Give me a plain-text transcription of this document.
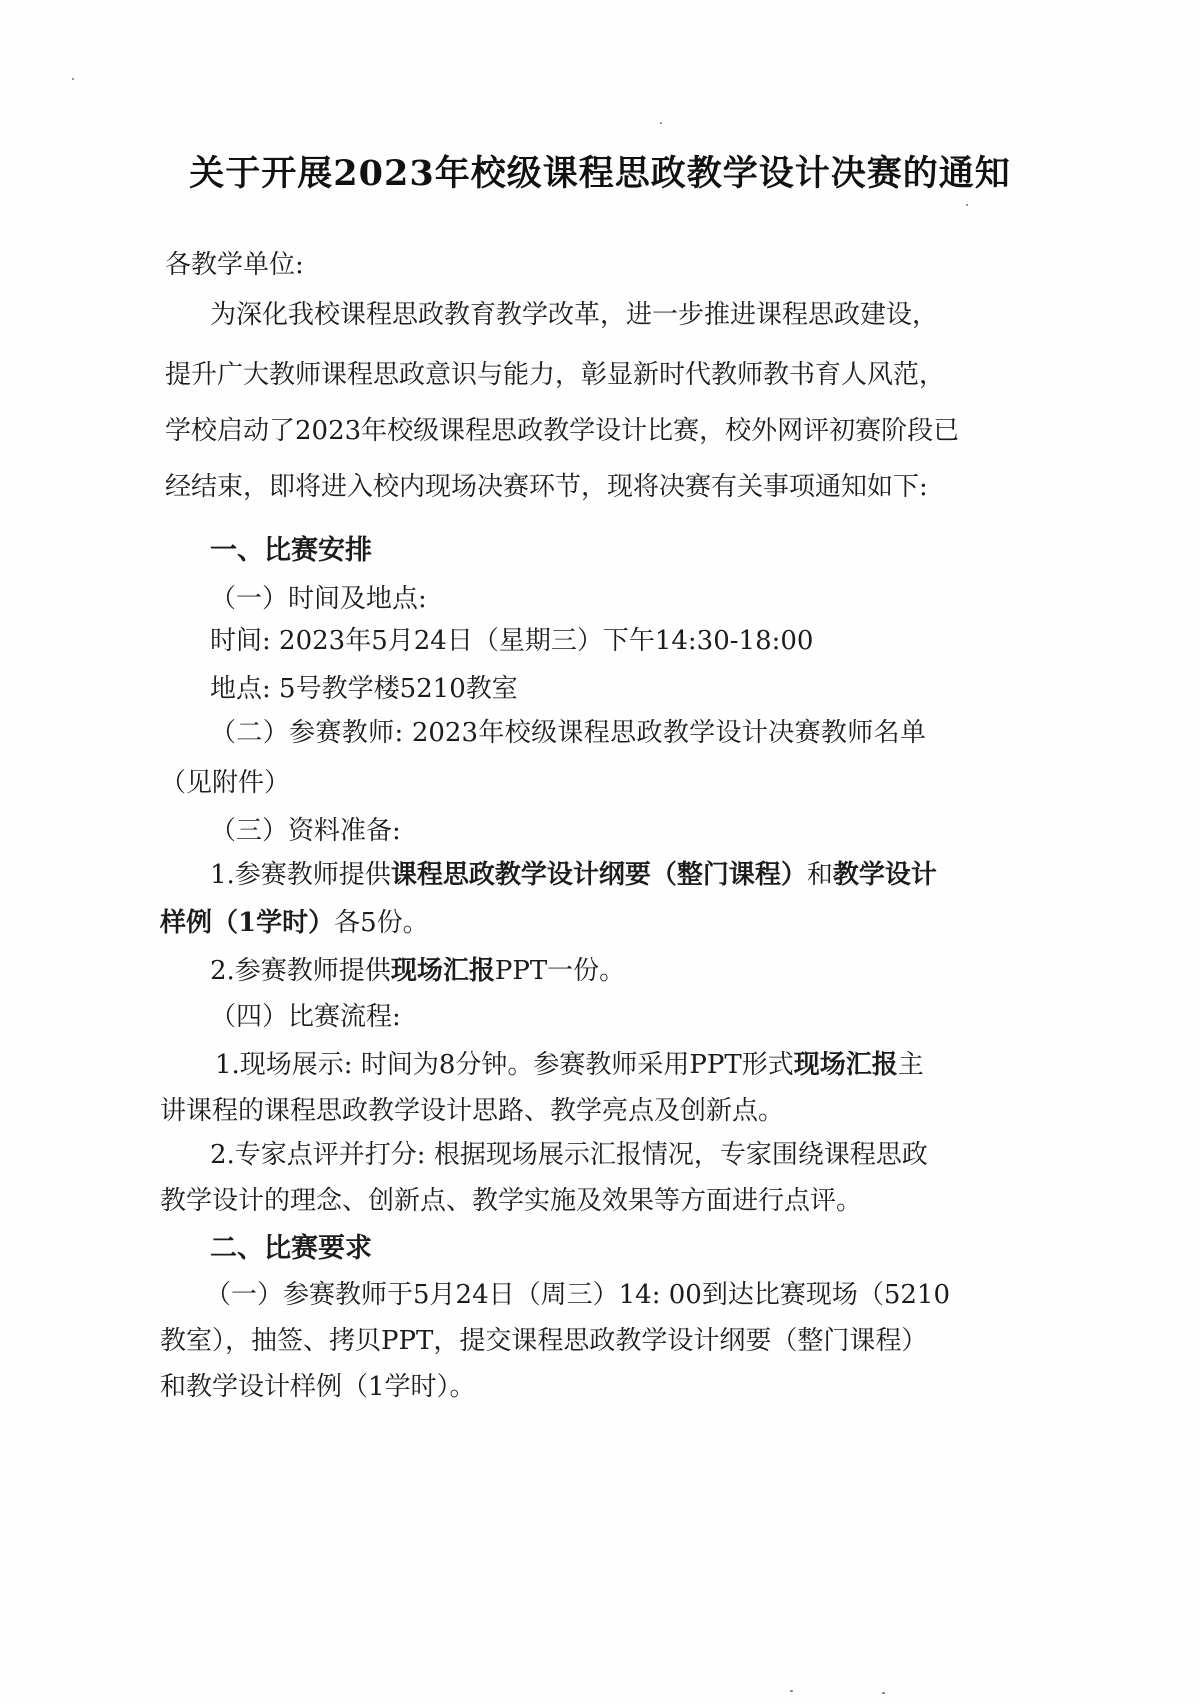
关于开展2023年校级课程思政教学设计决赛的通知
各教学单位:
为深化我校课程思政教育教学改革，进一步推进课程思政建设，
提升广大教师课程思政意识与能力，彰显新时代教师教书育人风范，
学校启动了2023年校级课程思政教学设计比赛，校外网评初赛阶段已
经结束，即将进入校内现场决赛环节，现将决赛有关事项通知如下:
一、比赛安排
（一）时间及地点:
时间: 2023年5月24日（星期三）下午14:30-18:00
地点: 5号教学楼5210教室
（二）参赛教师: 2023年校级课程思政教学设计决赛教师名单
（见附件）
（三）资料准备:
1.参赛教师提供课程思政教学设计纲要（整门课程）和教学设计
样例（1学时）各5份。
2.参赛教师提供现场汇报PPT一份。
（四）比赛流程:
1.现场展示: 时间为8分钟。参赛教师采用PPT形式现场汇报主
讲课程的课程思政教学设计思路、教学亮点及创新点。
2.专家点评并打分: 根据现场展示汇报情况，专家围绕课程思政
教学设计的理念、创新点、教学实施及效果等方面进行点评。
二、比赛要求
（一）参赛教师于5月24日（周三）14: 00到达比赛现场（5210
教室），抽签、拷贝PPT，提交课程思政教学设计纲要（整门课程）
和教学设计样例（1学时）。
